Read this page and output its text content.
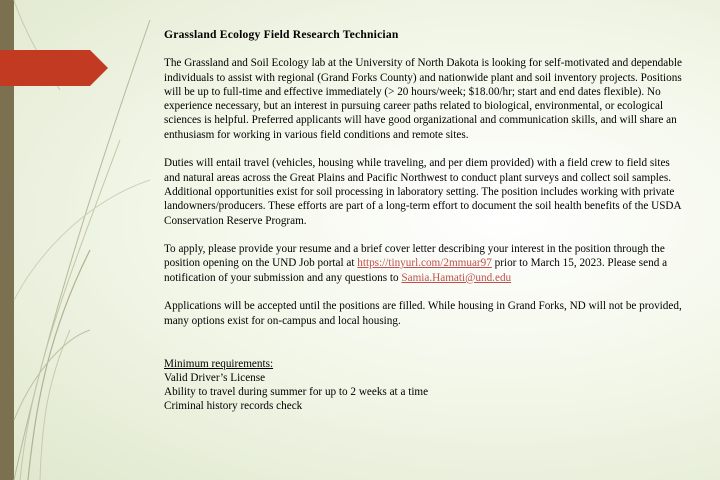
Grassland Ecology Field Research Technician

The Grassland and Soil Ecology lab at the University of North Dakota is looking for self-motivated and dependable individuals to assist with regional (Grand Forks County) and nationwide plant and soil inventory projects. Positions will be up to full-time and effective immediately (> 20 hours/week; $18.00/hr; start and end dates flexible). No experience necessary, but an interest in pursuing career paths related to biological, environmental, or ecological sciences is helpful. Preferred applicants will have good organizational and communication skills, and will share an enthusiasm for working in various field conditions and remote sites.

Duties will entail travel (vehicles, housing while traveling, and per diem provided) with a field crew to field sites and natural areas across the Great Plains and Pacific Northwest to conduct plant surveys and collect soil samples. Additional opportunities exist for soil processing in laboratory setting. The position includes working with private landowners/producers. These efforts are part of a long-term effort to document the soil health benefits of the USDA Conservation Reserve Program.

To apply, please provide your resume and a brief cover letter describing your interest in the position through the position opening on the UND Job portal at https://tinyurl.com/2mmuar97 prior to March 15, 2023. Please send a notification of your submission and any questions to Samia.Hamati@und.edu

Applications will be accepted until the positions are filled. While housing in Grand Forks, ND will not be provided, many options exist for on-campus and local housing.

Minimum requirements:
Valid Driver’s License
Ability to travel during summer for up to 2 weeks at a time
Criminal history records check
